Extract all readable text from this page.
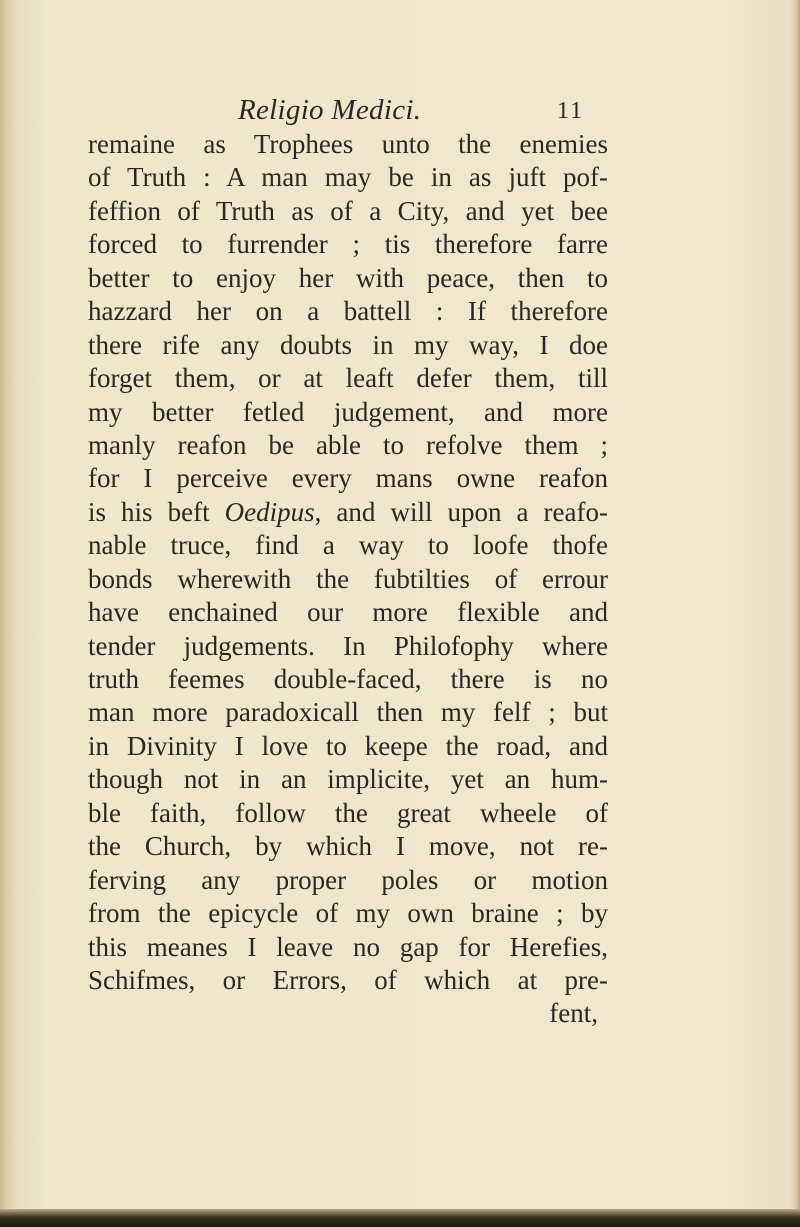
Religio Medici.	11
remaine as Trophees unto the enemies
of Truth : A man may be in as juft pof-
feffion of Truth as of a City, and yet bee
forced to furrender ; tis therefore farre
better to enjoy her with peace, then to
hazzard her on a battell : If therefore
there rife any doubts in my way, I doe
forget them, or at leaft defer them, till
my better fetled judgement, and more
manly reafon be able to refolve them ;
for I perceive every mans owne reafon
is his beft Oedipus, and will upon a reafo-
nable truce, find a way to loofe thofe
bonds wherewith the fubtilties of errour
have enchained our more flexible and
tender judgements. In Philofophy where
truth feemes double-faced, there is no
man more paradoxicall then my felf ; but
in Divinity I love to keepe the road, and
though not in an implicite, yet an hum-
ble faith, follow the great wheele of
the Church, by which I move, not re-
ferving any proper poles or motion
from the epicycle of my own braine ; by
this meanes I leave no gap for Herefies,
Schifmes, or Errors, of which at pre-
fent,
